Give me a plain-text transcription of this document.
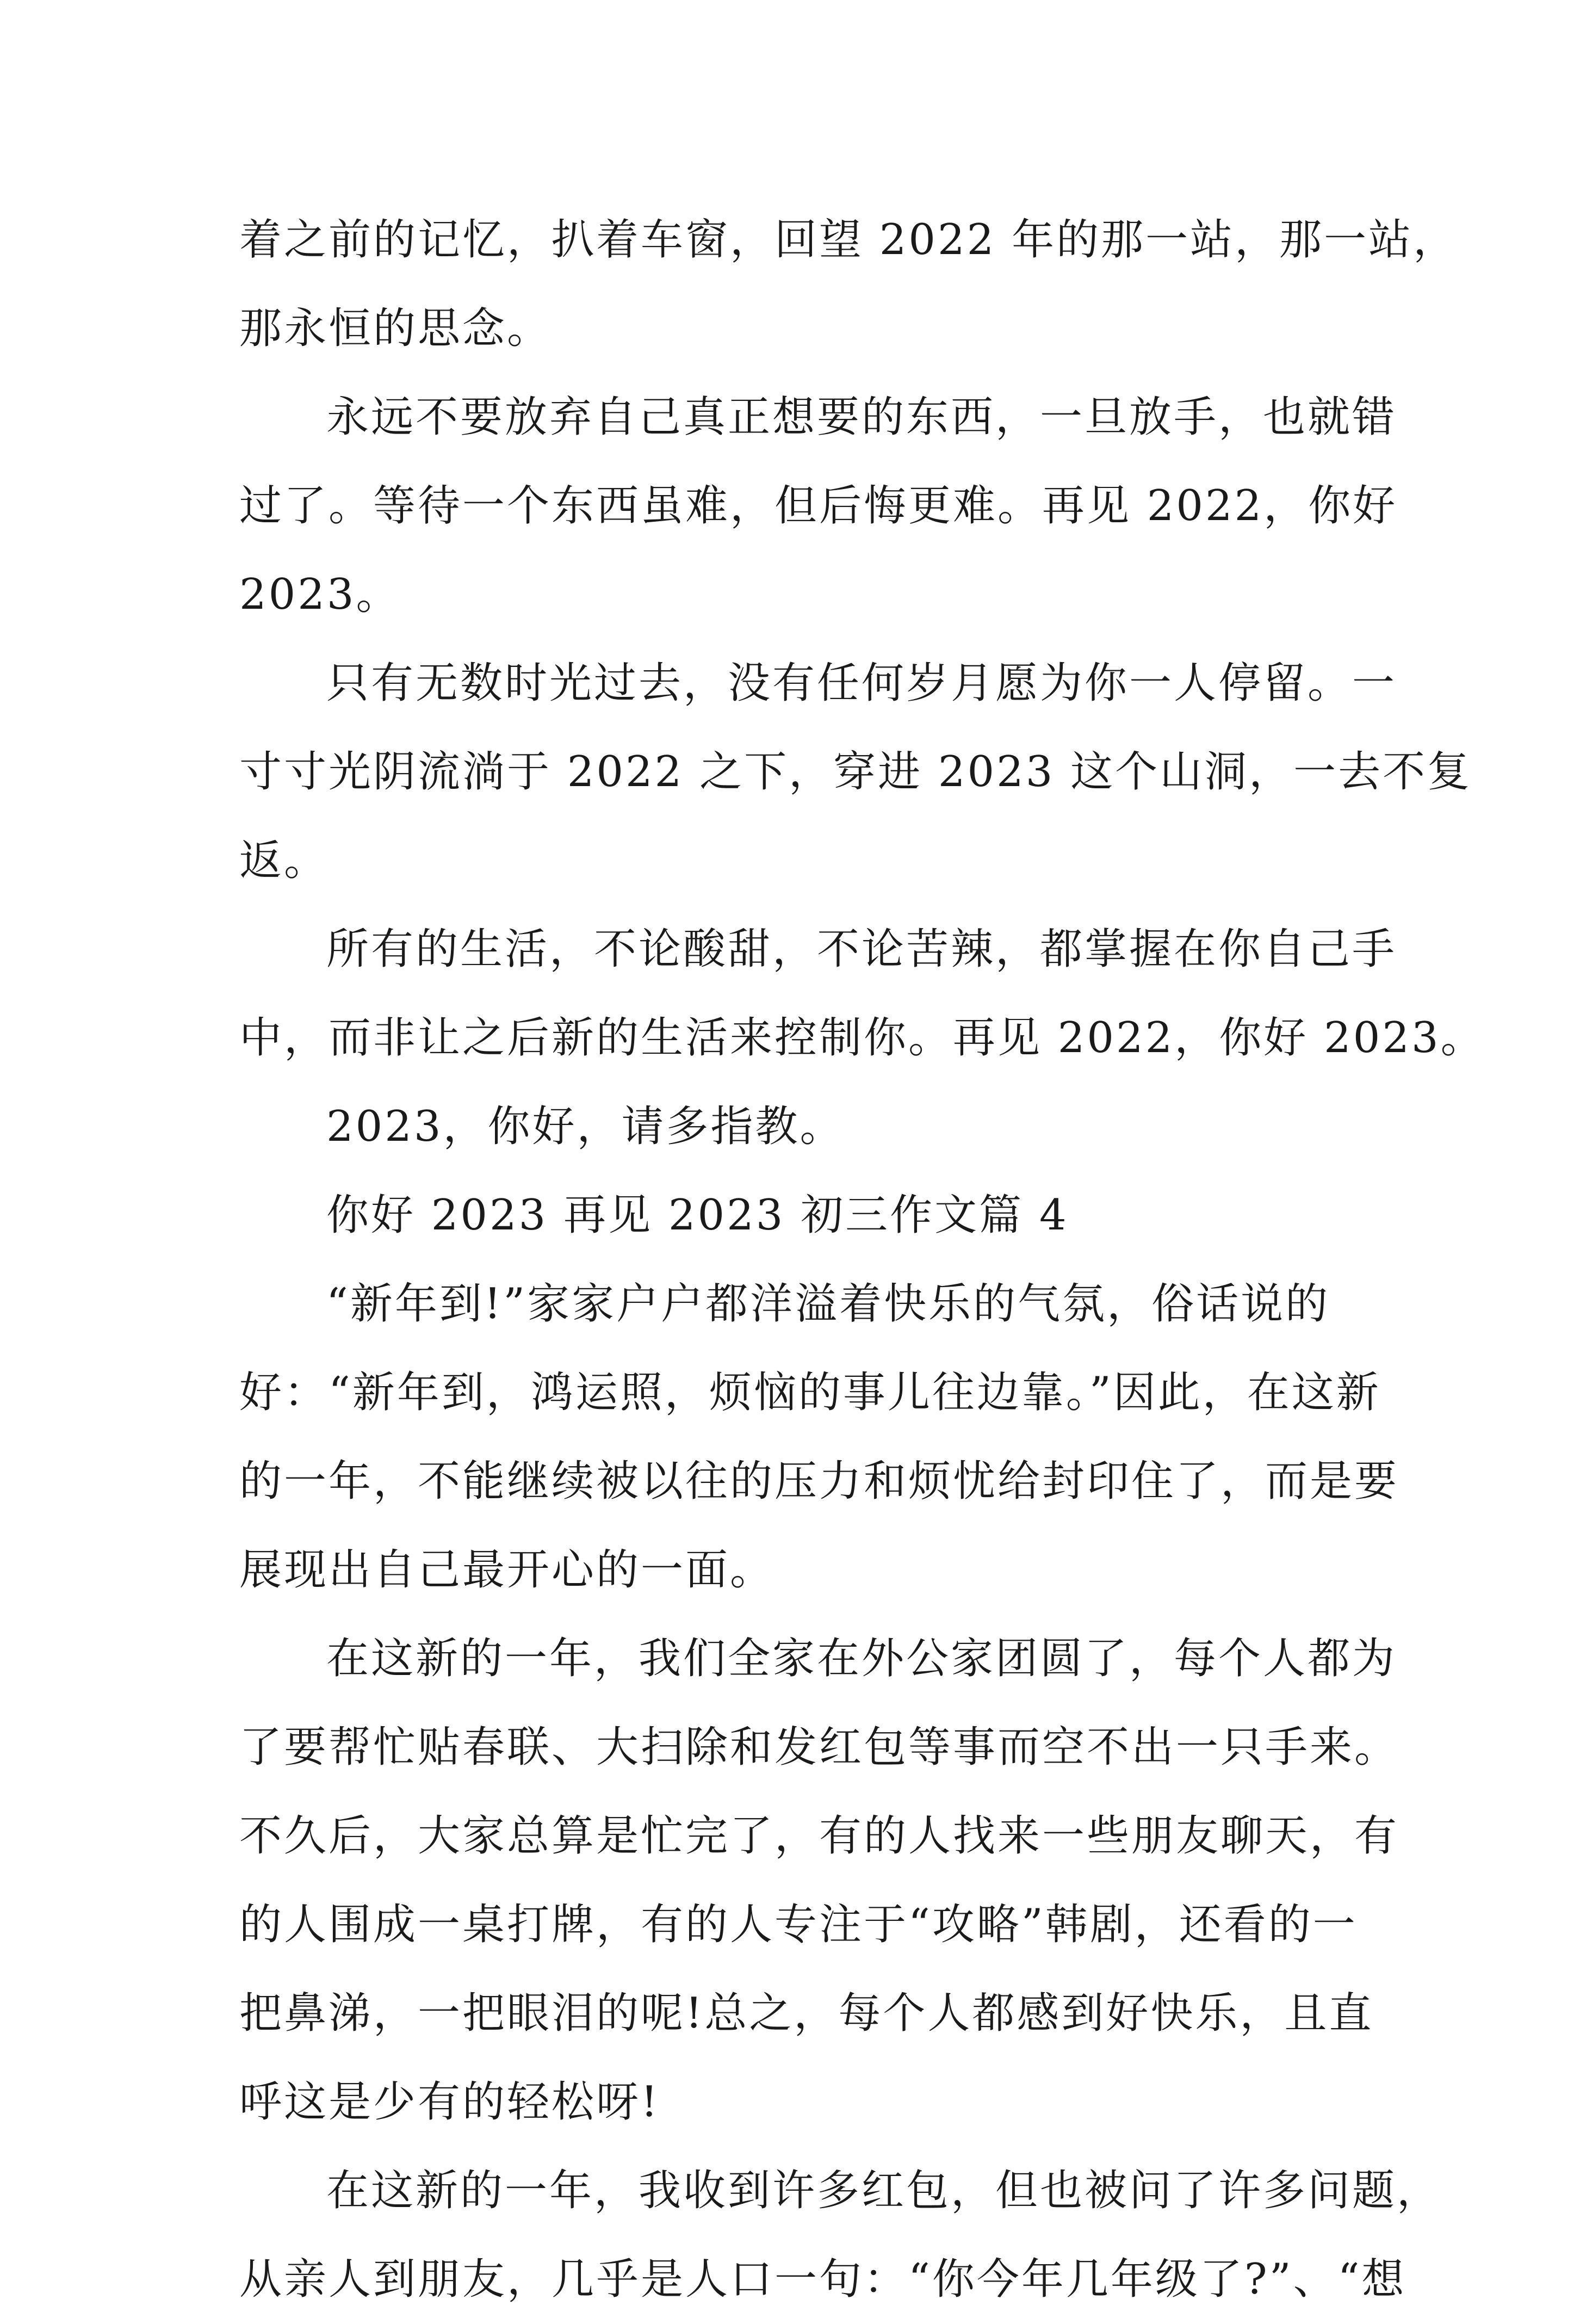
着之前的记忆，扒着车窗，回望 2022 年的那一站，那一站，
那永恒的思念。
永远不要放弃自己真正想要的东西，一旦放手，也就错
过了。等待一个东西虽难，但后悔更难。再见 2022，你好
2023。
只有无数时光过去，没有任何岁月愿为你一人停留。一
寸寸光阴流淌于 2022 之下，穿进 2023 这个山洞，一去不复
返。
所有的生活，不论酸甜，不论苦辣，都掌握在你自己手
中，而非让之后新的生活来控制你。再见 2022，你好 2023。
2023，你好，请多指教。
你好 2023 再见 2023 初三作文篇 4
“新年到!”家家户户都洋溢着快乐的气氛，俗话说的
好：“新年到，鸿运照，烦恼的事儿往边靠。”因此，在这新
的一年，不能继续被以往的压力和烦忧给封印住了，而是要
展现出自己最开心的一面。
在这新的一年，我们全家在外公家团圆了，每个人都为
了要帮忙贴春联、大扫除和发红包等事而空不出一只手来。
不久后，大家总算是忙完了，有的人找来一些朋友聊天，有
的人围成一桌打牌，有的人专注于“攻略”韩剧，还看的一
把鼻涕，一把眼泪的呢!总之，每个人都感到好快乐，且直
呼这是少有的轻松呀!
在这新的一年，我收到许多红包，但也被问了许多问题，
从亲人到朋友，几乎是人口一句：“你今年几年级了?”、“想
